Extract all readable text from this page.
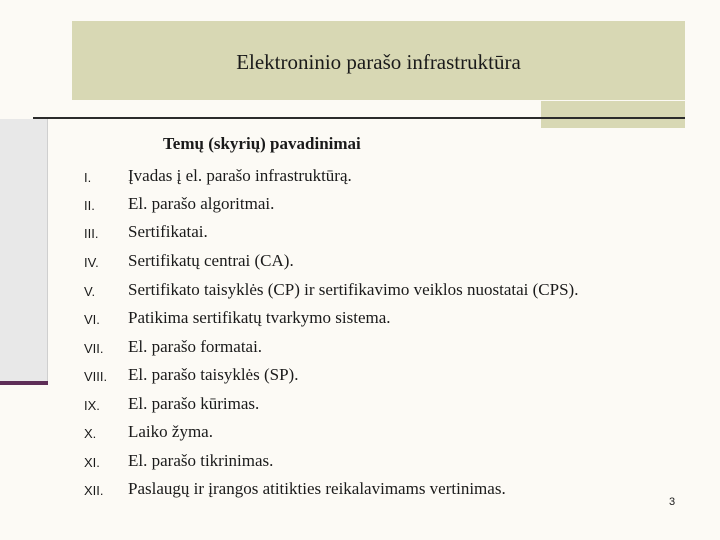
Elektroninio parašo infrastruktūra
Temų (skyrių) pavadinimai
I. Įvadas į el. parašo infrastruktūrą.
II. El. parašo algoritmai.
III. Sertifikatai.
IV. Sertifikatų centrai (CA).
V. Sertifikato taisyklės (CP) ir sertifikavimo veiklos nuostatai (CPS).
VI. Patikima sertifikatų tvarkymo sistema.
VII. El. parašo formatai.
VIII. El. parašo taisyklės (SP).
IX. El. parašo kūrimas.
X. Laiko žyma.
XI. El. parašo tikrinimas.
XII. Paslaugų ir įrangos atitikties reikalavimams vertinimas.
3
